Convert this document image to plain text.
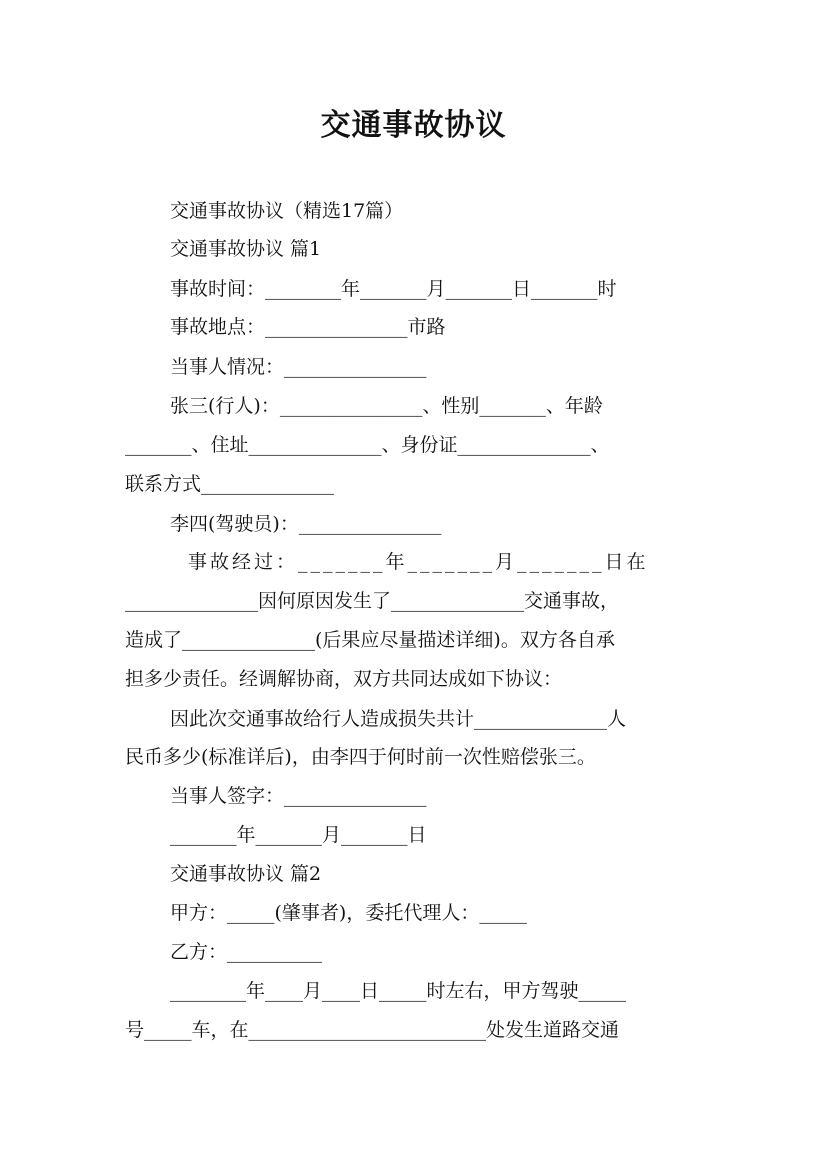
交通事故协议
交通事故协议（精选17篇）
交通事故协议 篇1
事故时间：________年_______月_______日_______时
事故地点：_______________市路
当事人情况：_______________
张三(行人)：_______________、性别_______、年龄
_______、住址______________、身份证______________、
联系方式______________
李四(驾驶员)：_______________
事故经过：_______年_______月_______日在
______________因何原因发生了______________交通事故，
造成了______________(后果应尽量描述详细)。双方各自承
担多少责任。经调解协商，双方共同达成如下协议：
因此次交通事故给行人造成损失共计______________人
民币多少(标准详后)，由李四于何时前一次性赔偿张三。
当事人签字：_______________
_______年_______月_______日
交通事故协议 篇2
甲方：_____(肇事者)，委托代理人：_____
乙方：__________
________年____月____日_____时左右，甲方驾驶_____
号_____车，在_________________________处发生道路交通
